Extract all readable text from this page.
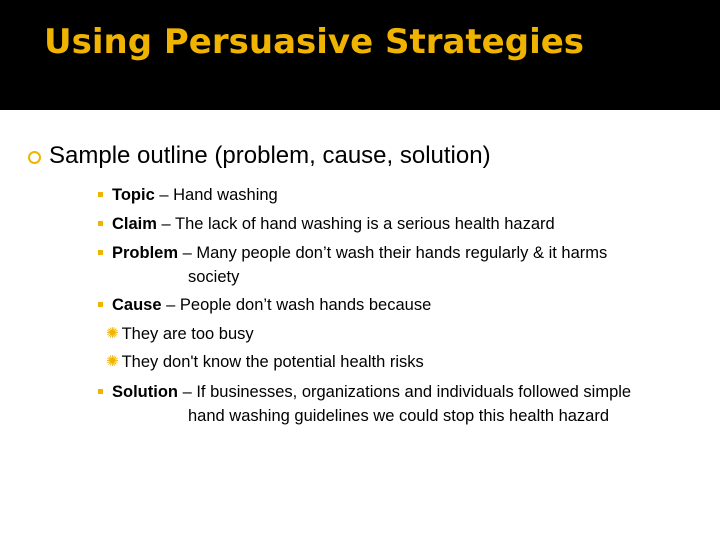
Using Persuasive Strategies
Sample outline (problem, cause, solution)
Topic – Hand washing
Claim – The lack of hand washing is a serious health hazard
Problem – Many people don’t wash their hands regularly & it harms
society
Cause – People don’t wash hands because
✺ They are too busy
✺ They don't know the potential health risks
Solution – If businesses, organizations and individuals followed simple
hand washing guidelines we could stop this health hazard
